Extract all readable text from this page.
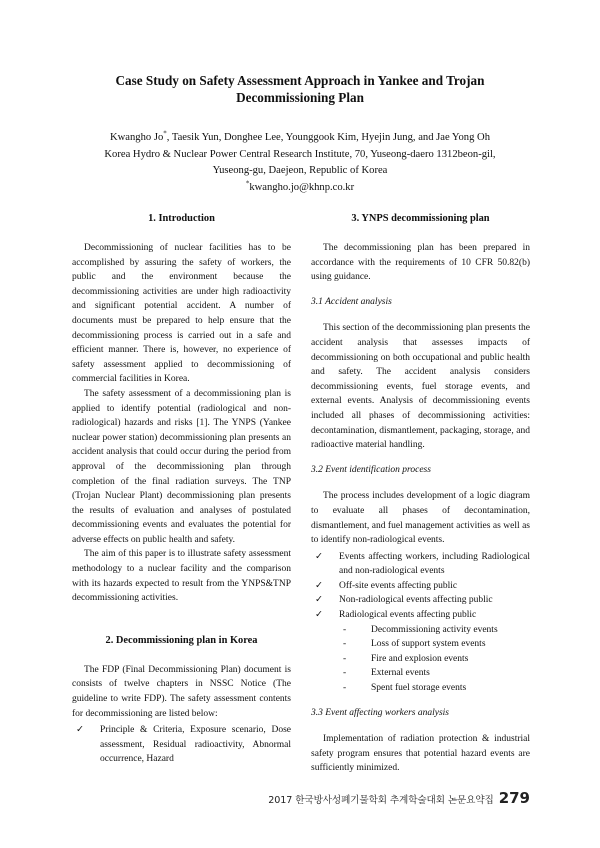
Case Study on Safety Assessment Approach in Yankee and Trojan
Decommissioning Plan
Kwangho Jo*, Taesik Yun, Donghee Lee, Younggook Kim, Hyejin Jung, and Jae Yong Oh
Korea Hydro & Nuclear Power Central Research Institute, 70, Yuseong-daero 1312beon-gil,
Yuseong-gu, Daejeon, Republic of Korea
*kwangho.jo@khnp.co.kr
1. Introduction

Decommissioning of nuclear facilities has to be accomplished by assuring the safety of workers, the public and the environment because the decommissioning activities are under high radioactivity and significant potential accident. A number of documents must be prepared to help ensure that the decommissioning process is carried out in a safe and efficient manner. There is, however, no experience of safety assessment applied to decommissioning of commercial facilities in Korea.

The safety assessment of a decommissioning plan is applied to identify potential (radiological and non-radiological) hazards and risks [1]. The YNPS (Yankee nuclear power station) decommissioning plan presents an accident analysis that could occur during the period from approval of the decommissioning plan through completion of the final radiation surveys. The TNP (Trojan Nuclear Plant) decommissioning plan presents the results of evaluation and analyses of postulated decommissioning events and evaluates the potential for adverse effects on public health and safety.

The aim of this paper is to illustrate safety assessment methodology to a nuclear facility and the comparison with its hazards expected to result from the YNPS&TNP decommissioning activities.

2. Decommissioning plan in Korea

The FDP (Final Decommissioning Plan) document is consists of twelve chapters in NSSC Notice (The guideline to write FDP). The safety assessment contents for decommissioning are listed below:

✓ Principle & Criteria, Exposure scenario, Dose assessment, Residual radioactivity, Abnormal occurrence, Hazard
3. YNPS decommissioning plan

The decommissioning plan has been prepared in accordance with the requirements of 10 CFR 50.82(b) using guidance.

3.1 Accident analysis

This section of the decommissioning plan presents the accident analysis that assesses impacts of decommissioning on both occupational and public health and safety. The accident analysis considers decommissioning events, fuel storage events, and external events. Analysis of decommissioning events included all phases of decommissioning activities: decontamination, dismantlement, packaging, storage, and radioactive material handling.

3.2 Event identification process

The process includes development of a logic diagram to evaluate all phases of decontamination, dismantlement, and fuel management activities as well as to identify non-radiological events.

✓ Events affecting workers, including Radiological and non-radiological events
✓ Off-site events affecting public
✓ Non-radiological events affecting public
✓ Radiological events affecting public
-	Decommissioning activity events
-	Loss of support system events
-	Fire and explosion events
-	External events
-	Spent fuel storage events
3.3 Event affecting workers analysis

Implementation of radiation protection & industrial safety program ensures that potential hazard events are sufficiently minimized.

2017 한국방사성폐기물학회 추계학술대회 논문요약집 279
